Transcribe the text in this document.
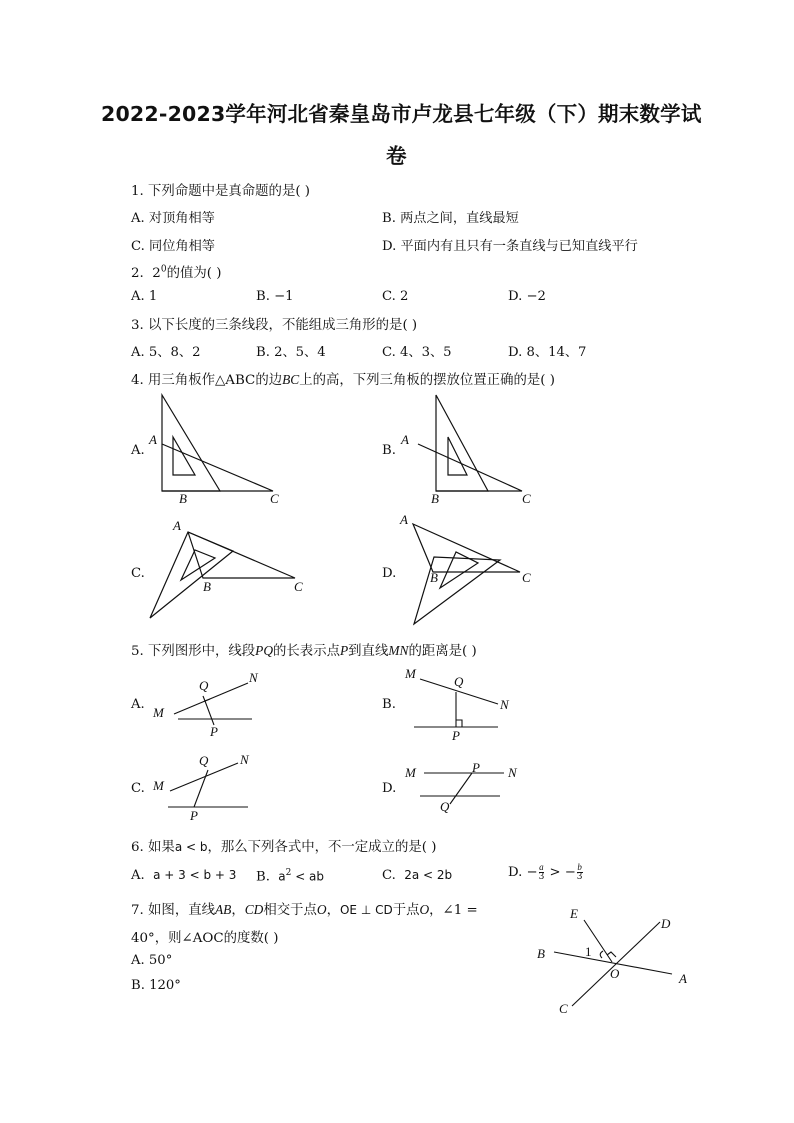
2022-2023学年河北省秦皇岛市卢龙县七年级（下）期末数学试
卷
1. 下列命题中是真命题的是( )
A. 对顶角相等	B. 两点之间，直线最短
C. 同位角相等	D. 平面内有且只有一条直线与已知直线平行
2. $2^0$的值为( )
A. 1	B. −1	C. 2	D. −2
3. 以下长度的三条线段，不能组成三角形的是( )
A. 5、8、2	B. 2、5、4	C. 4、3、5	D. 8、14、7
4. 用三角板作△ABC的边BC上的高，下列三角板的摆放位置正确的是( )
A.
A
B	C
B.
A
B	C
C.
A
B	C
D.
A
B	C
5. 下列图形中，线段PQ的长表示点P到直线MN的距离是( )
A.
M
N
Q
P
B.
M
N
Q
P
C. M
N
Q
P
D.
M	N
P
Q
6. 如果a < b，那么下列各式中，不一定成立的是( )
A. a + 3 < b + 3 B. $a^2$ < ab	C. 2a < 2b	D. − $\frac{a}{3}$ > − $\frac{b}{3}$
7. 如图，直线AB，CD相交于点O，OE ⊥ CD于点O，∠1 =
40°，则∠AOC的度数( )
A. 50°
B. 120°
E
D
B	1
O	A
C
